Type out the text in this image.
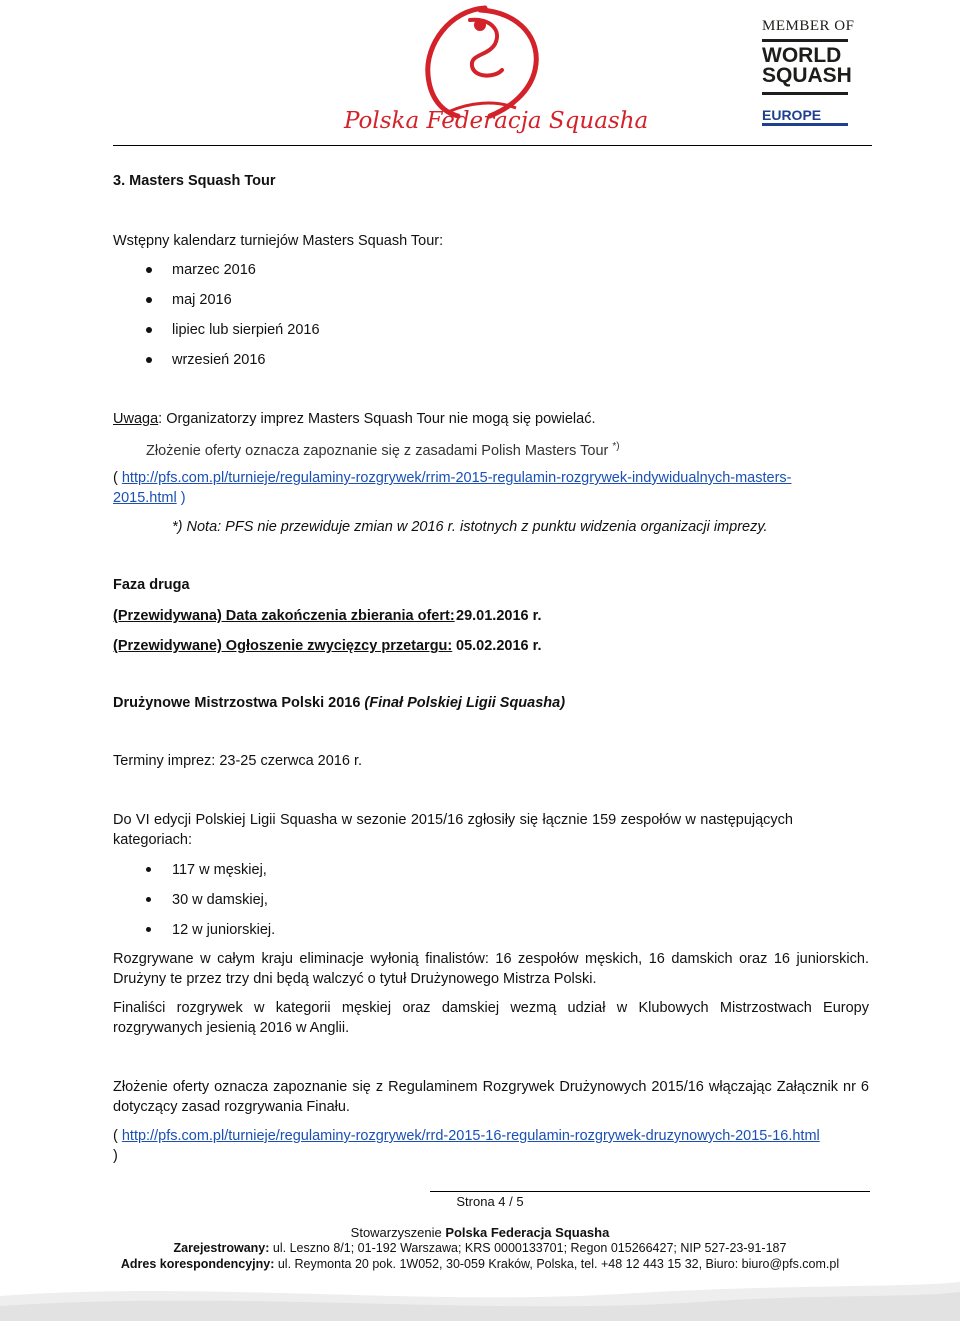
Polska Federacja Squasha
MEMBER OF
WORLD
SQUASH
EUROPE
3. Masters Squash Tour
Wstępny kalendarz turniejów Masters Squash Tour:
marzec 2016
maj 2016
lipiec lub sierpień 2016
wrzesień 2016
Uwaga: Organizatorzy imprez Masters Squash Tour nie mogą się powielać.
Złożenie oferty oznacza zapoznanie się z zasadami Polish Masters Tour *)
( http://pfs.com.pl/turnieje/regulaminy-rozgrywek/rrim-2015-regulamin-rozgrywek-indywidualnych-masters-
2015.html )
*) Nota: PFS nie przewiduje zmian w 2016 r. istotnych z punktu widzenia organizacji imprezy.
Faza druga
(Przewidywana) Data zakończenia zbierania ofert: 29.01.2016 r.
(Przewidywane) Ogłoszenie zwycięzcy przetargu: 05.02.2016 r.
Drużynowe Mistrzostwa Polski 2016 (Finał Polskiej Ligii Squasha)
Terminy imprez: 23-25 czerwca 2016 r.
Do VI edycji Polskiej Ligii Squasha w sezonie 2015/16 zgłosiły się łącznie 159 zespołów w następujących kategoriach:
117 w męskiej,
30 w damskiej,
12 w juniorskiej.
Rozgrywane w całym kraju eliminacje wyłonią finalistów: 16 zespołów męskich, 16 damskich oraz 16 juniorskich. Drużyny te przez trzy dni będą walczyć o tytuł Drużynowego Mistrza Polski.
Finaliści rozgrywek w kategorii męskiej oraz damskiej wezmą udział w Klubowych Mistrzostwach Europy rozgrywanych jesienią 2016 w Anglii.
Złożenie oferty oznacza zapoznanie się z Regulaminem Rozgrywek Drużynowych 2015/16 włączając Załącznik nr 6 dotyczący zasad rozgrywania Finału.
( http://pfs.com.pl/turnieje/regulaminy-rozgrywek/rrd-2015-16-regulamin-rozgrywek-druzynowych-2015-16.html
)
Strona 4 / 5
Stowarzyszenie Polska Federacja Squasha
Zarejestrowany: ul. Leszno 8/1; 01-192 Warszawa; KRS 0000133701; Regon 015266427; NIP 527-23-91-187
Adres korespondencyjny: ul. Reymonta 20 pok. 1W052, 30-059 Kraków, Polska, tel. +48 12 443 15 32, Biuro: biuro@pfs.com.pl
